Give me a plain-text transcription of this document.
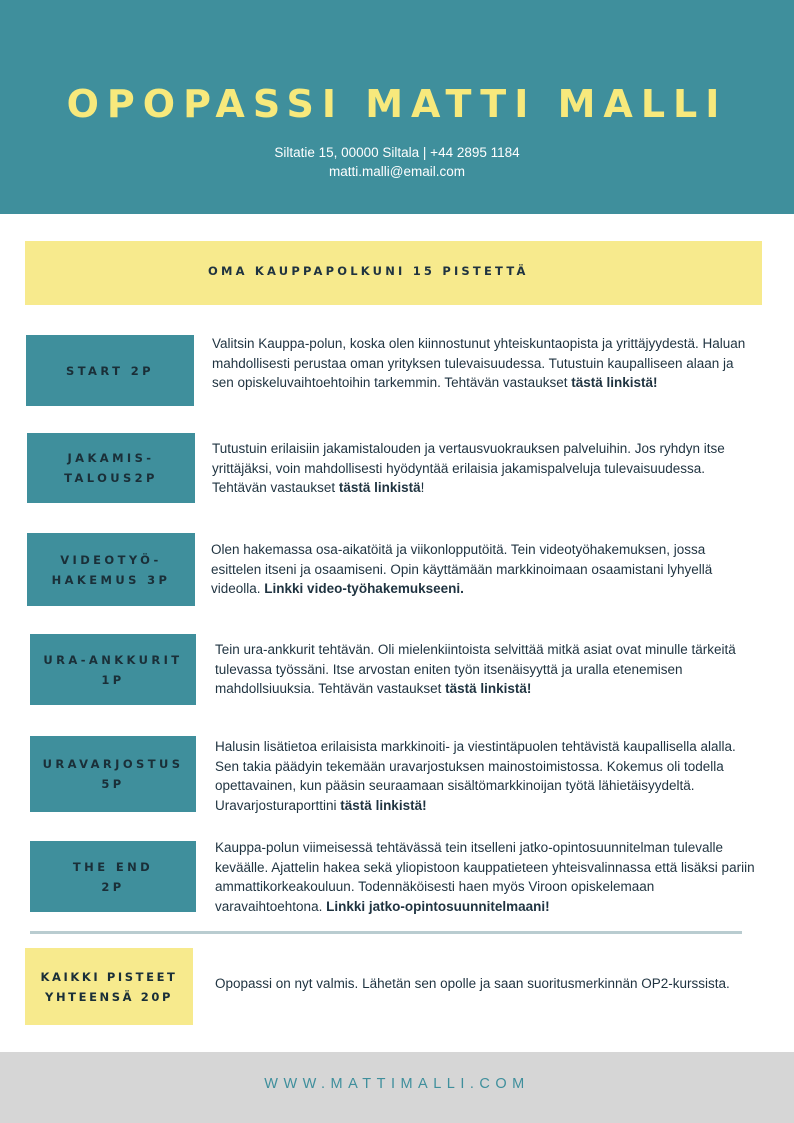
OPOPASSI MATTI MALLI
Siltatie 15, 00000 Siltala | +44 2895 1184
matti.malli@email.com
OMA KAUPPAPOLKUNI 15 PISTETTÄ
START 2P
Valitsin Kauppa-polun, koska olen kiinnostunut yhteiskuntaopista ja yrittäjyydestä. Haluan mahdollisesti perustaa oman yrityksen tulevaisuudessa. Tutustuin kaupalliseen alaan ja sen opiskeluvaihtoehtoihin tarkemmin. Tehtävän vastaukset tästä linkistä!
JAKAMIS-
TALOUS2P
Tutustuin erilaisiin jakamistalouden ja vertausvuokrauksen palveluihin. Jos ryhdyn itse yrittäjäksi, voin mahdollisesti hyödyntää erilaisia jakamispalveluja tulevaisuudessa. Tehtävän vastaukset tästä linkistä!
VIDEOTYÖ-
HAKEMUS 3P
Olen hakemassa osa-aikatöitä ja viikonlopputöitä. Tein videotyöhakemuksen, jossa esittelen itseni ja osaamiseni. Opin käyttämään markkinoimaan osaamistani lyhyellä videolla. Linkki video-työhakemukseeni.
URA-ANKKURIT
1P
Tein ura-ankkurit tehtävän. Oli mielenkiintoista selvittää mitkä asiat ovat minulle tärkeitä tulevassa työssäni. Itse arvostan eniten työn itsenäisyyttä ja uralla etenemisen mahdollsiuuksia. Tehtävän vastaukset tästä linkistä!
URAVARJOSTUS
5P
Halusin lisätietoa erilaisista markkinoiti- ja viestintäpuolen tehtävistä kaupallisella alalla. Sen takia päädyin tekemään uravarjostuksen mainostoimistossa. Kokemus oli todella opettavainen, kun pääsin seuraamaan sisältömarkkinoijan työtä lähietäisyydeltä. Uravarjosturaporttini tästä linkistä!
THE END
2P
Kauppa-polun viimeisessä tehtävässä tein itselleni jatko-opintosuunnitelman tulevalle keväälle. Ajattelin hakea sekä yliopistoon kauppatieteen yhteisvalinnassa että lisäksi pariin ammattikorkeakouluun. Todennäköisesti haen myös Viroon opiskelemaan varavaihtoehtona. Linkki jatko-opintosuunnitelmaani!
KAIKKI PISTEET
YHTEENSÄ 20P
Opopassi on nyt valmis. Lähetän sen opolle ja saan suoritusmerkinnän OP2-kurssista.
WWW.MATTIMALLI.COM
